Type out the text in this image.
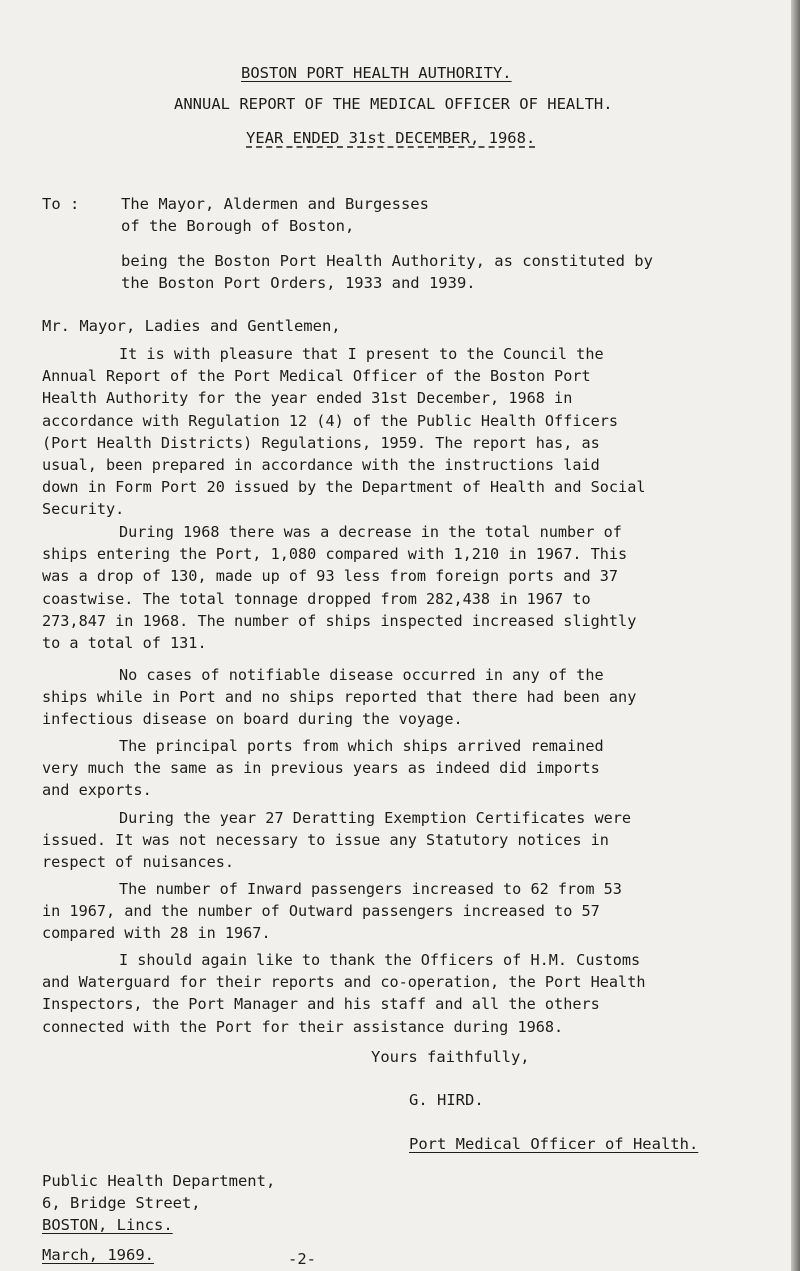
BOSTON PORT HEALTH AUTHORITY.
ANNUAL REPORT OF THE MEDICAL OFFICER OF HEALTH.
YEAR ENDED 31st DECEMBER, 1968.
To :	The Mayor, Aldermen and Burgesses
of the Borough of Boston,
being the Boston Port Health Authority, as constituted by
the Boston Port Orders, 1933 and 1939.
Mr. Mayor, Ladies and Gentlemen,
It is with pleasure that I present to the Council the
Annual Report of the Port Medical Officer of the Boston Port
Health Authority for the year ended 31st December, 1968 in
accordance with Regulation 12 (4) of the Public Health Officers
(Port Health Districts) Regulations, 1959. The report has, as
usual, been prepared in accordance with the instructions laid
down in Form Port 20 issued by the Department of Health and Social
Security.
During 1968 there was a decrease in the total number of
ships entering the Port, 1,080 compared with 1,210 in 1967. This
was a drop of 130, made up of 93 less from foreign ports and 37
coastwise. The total tonnage dropped from 282,438 in 1967 to
273,847 in 1968. The number of ships inspected increased slightly
to a total of 131.
No cases of notifiable disease occurred in any of the
ships while in Port and no ships reported that there had been any
infectious disease on board during the voyage.
The principal ports from which ships arrived remained
very much the same as in previous years as indeed did imports
and exports.
During the year 27 Deratting Exemption Certificates were
issued. It was not necessary to issue any Statutory notices in
respect of nuisances.
The number of Inward passengers increased to 62 from 53
in 1967, and the number of Outward passengers increased to 57
compared with 28 in 1967.
I should again like to thank the Officers of H.M. Customs
and Waterguard for their reports and co-operation, the Port Health
Inspectors, the Port Manager and his staff and all the others
connected with the Port for their assistance during 1968.
Yours faithfully,
G. HIRD.
Port Medical Officer of Health.
Public Health Department,
6, Bridge Street,
BOSTON, Lincs.
March, 1969.	-2-
